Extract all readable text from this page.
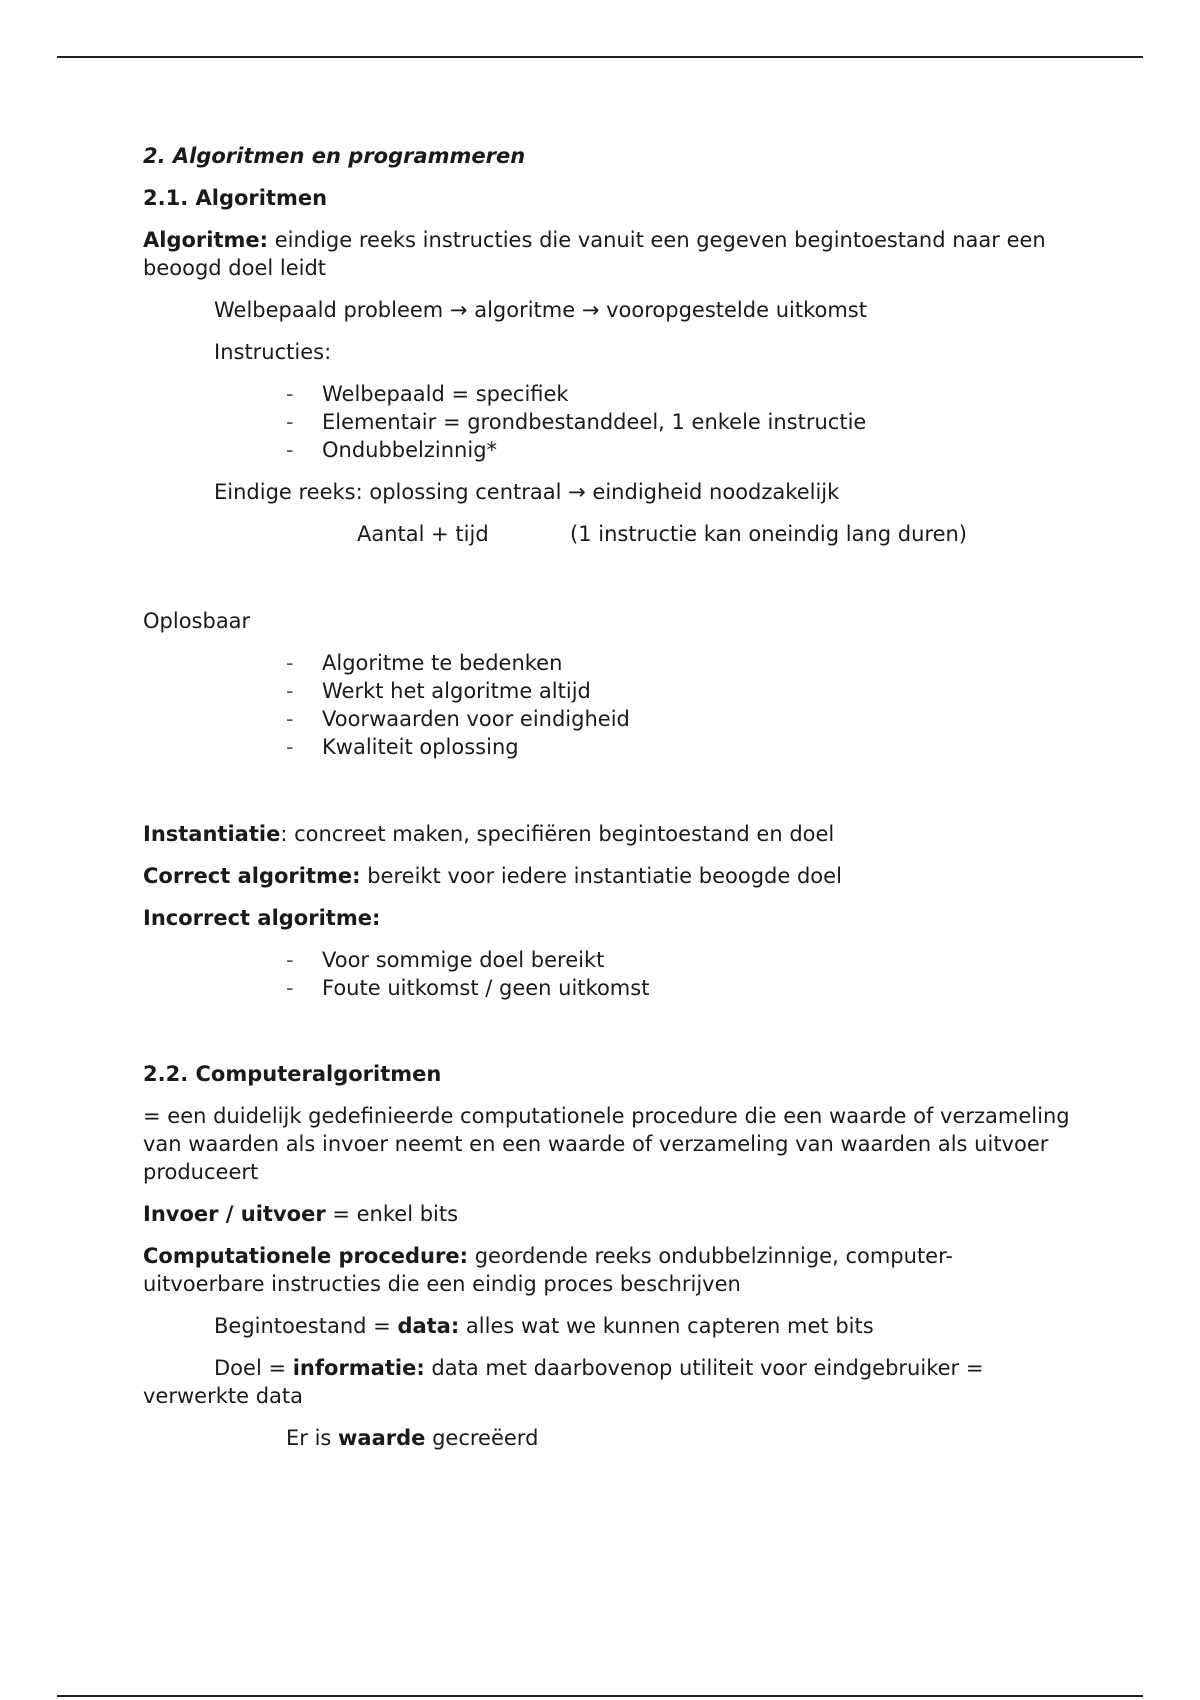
2. Algoritmen en programmeren

2.1. Algoritmen

Algoritme: eindige reeks instructies die vanuit een gegeven begintoestand naar een beoogd doel leidt

Welbepaald probleem → algoritme → vooropgestelde uitkomst

Instructies:

- Welbepaald = specifiek
- Elementair = grondbestanddeel, 1 enkele instructie
- Ondubbelzinnig*

Eindige reeks: oplossing centraal → eindigheid noodzakelijk

Aantal + tijd	(1 instructie kan oneindig lang duren)

Oplosbaar

- Algoritme te bedenken
- Werkt het algoritme altijd
- Voorwaarden voor eindigheid
- Kwaliteit oplossing

Instantiatie: concreet maken, specifiëren begintoestand en doel

Correct algoritme: bereikt voor iedere instantiatie beoogde doel

Incorrect algoritme:

- Voor sommige doel bereikt
- Foute uitkomst / geen uitkomst

2.2. Computeralgoritmen

= een duidelijk gedefinieerde computationele procedure die een waarde of verzameling van waarden als invoer neemt en een waarde of verzameling van waarden als uitvoer produceert

Invoer / uitvoer = enkel bits

Computationele procedure: geordende reeks ondubbelzinnige, computer-uitvoerbare instructies die een eindig proces beschrijven

Begintoestand = data: alles wat we kunnen capteren met bits

Doel = informatie: data met daarbovenop utiliteit voor eindgebruiker = verwerkte data

Er is waarde gecreëerd
